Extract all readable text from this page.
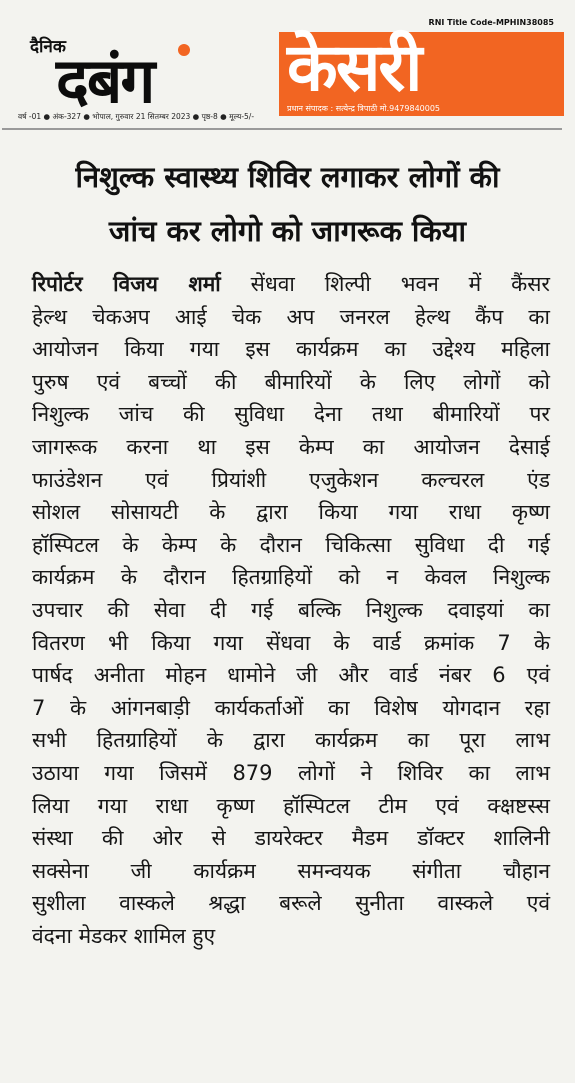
RNI Title Code-MPHIN38085
दैनिक
दबंग केसरी
प्रधान संपादक : सत्येन्द्र त्रिपाठी मो.9479840005
वर्ष -01 ● अंक-327 ● भोपाल, गुरुवार 21 सितम्बर 2023 ● पृष्ठ-8 ● मूल्य-5/-
निशुल्क स्वास्थ्य शिविर लगाकर लोगों की
जांच कर लोगो को जागरूक किया
रिपोर्टर विजय शर्मा सेंधवा शिल्पी भवन में कैंसर
हेल्थ चेकअप आई चेक अप जनरल हेल्थ कैंप का
आयोजन किया गया इस कार्यक्रम का उद्देश्य महिला
पुरुष एवं बच्चों की बीमारियों के लिए लोगों को
निशुल्क जांच की सुविधा देना तथा बीमारियों पर
जागरूक करना था इस केम्प का आयोजन देसाई
फाउंडेशन एवं प्रियांशी एजुकेशन कल्चरल एंड
सोशल सोसायटी के द्वारा किया गया राधा कृष्ण
हॉस्पिटल के केम्प के दौरान चिकित्सा सुविधा दी गई
कार्यक्रम के दौरान हितग्राहियों को न केवल निशुल्क
उपचार की सेवा दी गई बल्कि निशुल्क दवाइयां का
वितरण भी किया गया सेंधवा के वार्ड क्रमांक 7 के
पार्षद अनीता मोहन धामोने जी और वार्ड नंबर 6 एवं
7 के आंगनबाड़ी कार्यकर्ताओं का विशेष योगदान रहा
सभी हितग्राहियों के द्वारा कार्यक्रम का पूरा लाभ
उठाया गया जिसमें 879 लोगों ने शिविर का लाभ
लिया गया राधा कृष्ण हॉस्पिटल टीम एवं क्क्षष्टस्स
संस्था की ओर से डायरेक्टर मैडम डॉक्टर शालिनी
सक्सेना जी कार्यक्रम समन्वयक संगीता चौहान
सुशीला वास्कले श्रद्धा बरूले सुनीता वास्कले एवं
वंदना मेडकर शामिल हुए
